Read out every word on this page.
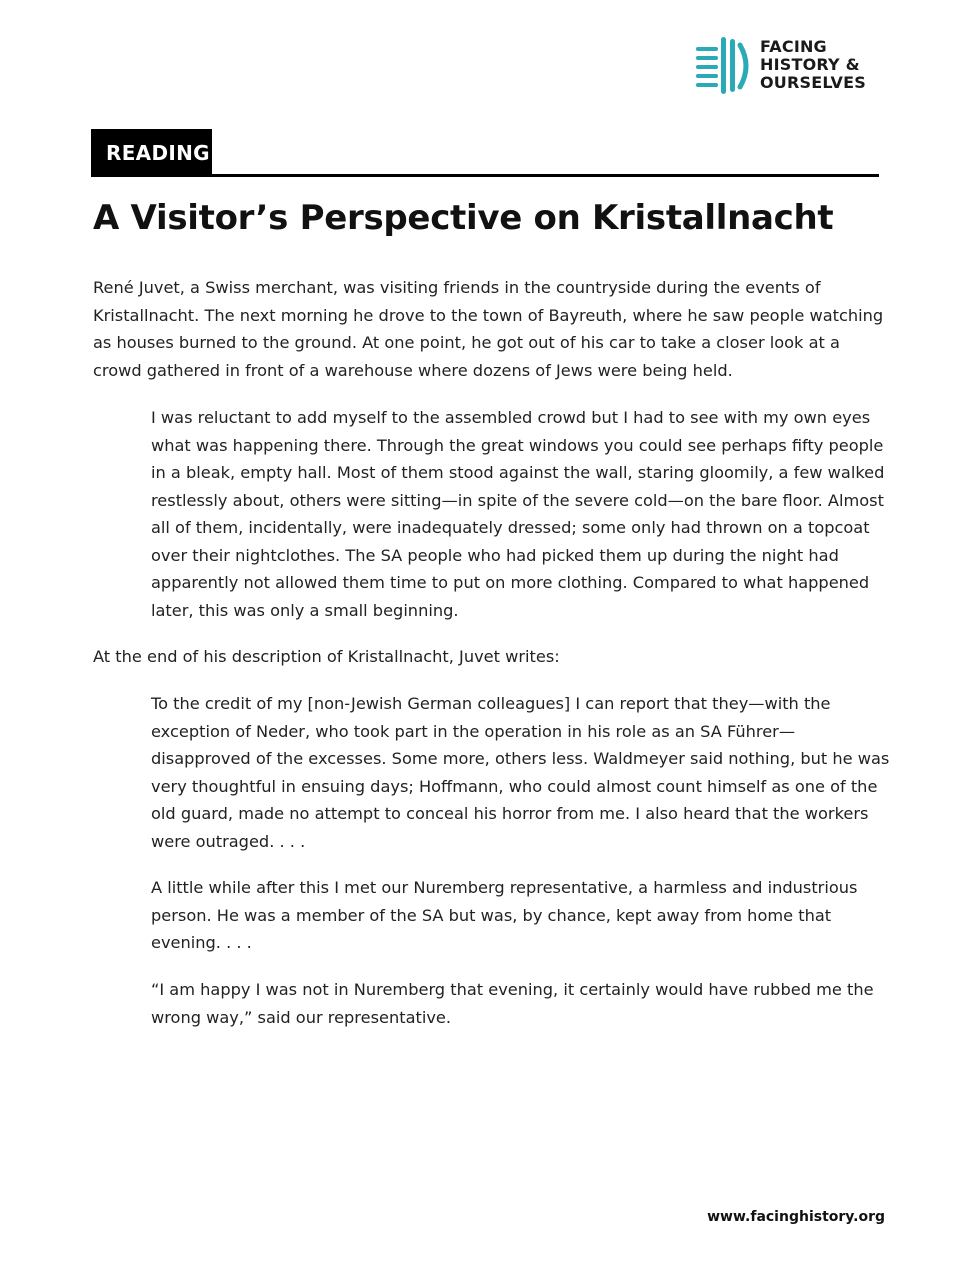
FACING
HISTORY &
OURSELVES
READING
A Visitor’s Perspective on Kristallnacht

René Juvet, a Swiss merchant, was visiting friends in the countryside during the events of Kristallnacht. The next morning he drove to the town of Bayreuth, where he saw people watching as houses burned to the ground. At one point, he got out of his car to take a closer look at a crowd gathered in front of a warehouse where dozens of Jews were being held.

I was reluctant to add myself to the assembled crowd but I had to see with my own eyes what was happening there. Through the great windows you could see perhaps fifty people in a bleak, empty hall. Most of them stood against the wall, staring gloomily, a few walked restlessly about, others were sitting—in spite of the severe cold—on the bare floor. Almost all of them, incidentally, were inadequately dressed; some only had thrown on a topcoat over their nightclothes. The SA people who had picked them up during the night had apparently not allowed them time to put on more clothing. Compared to what happened later, this was only a small beginning.

At the end of his description of Kristallnacht, Juvet writes:

To the credit of my [non-Jewish German colleagues] I can report that they—with the exception of Neder, who took part in the operation in his role as an SA Führer—disapproved of the excesses. Some more, others less. Waldmeyer said nothing, but he was very thoughtful in ensuing days; Hoffmann, who could almost count himself as one of the old guard, made no attempt to conceal his horror from me. I also heard that the workers were outraged. . . .

A little while after this I met our Nuremberg representative, a harmless and industrious person. He was a member of the SA but was, by chance, kept away from home that evening. . . .

“I am happy I was not in Nuremberg that evening, it certainly would have rubbed me the wrong way,” said our representative.

www.facinghistory.org
